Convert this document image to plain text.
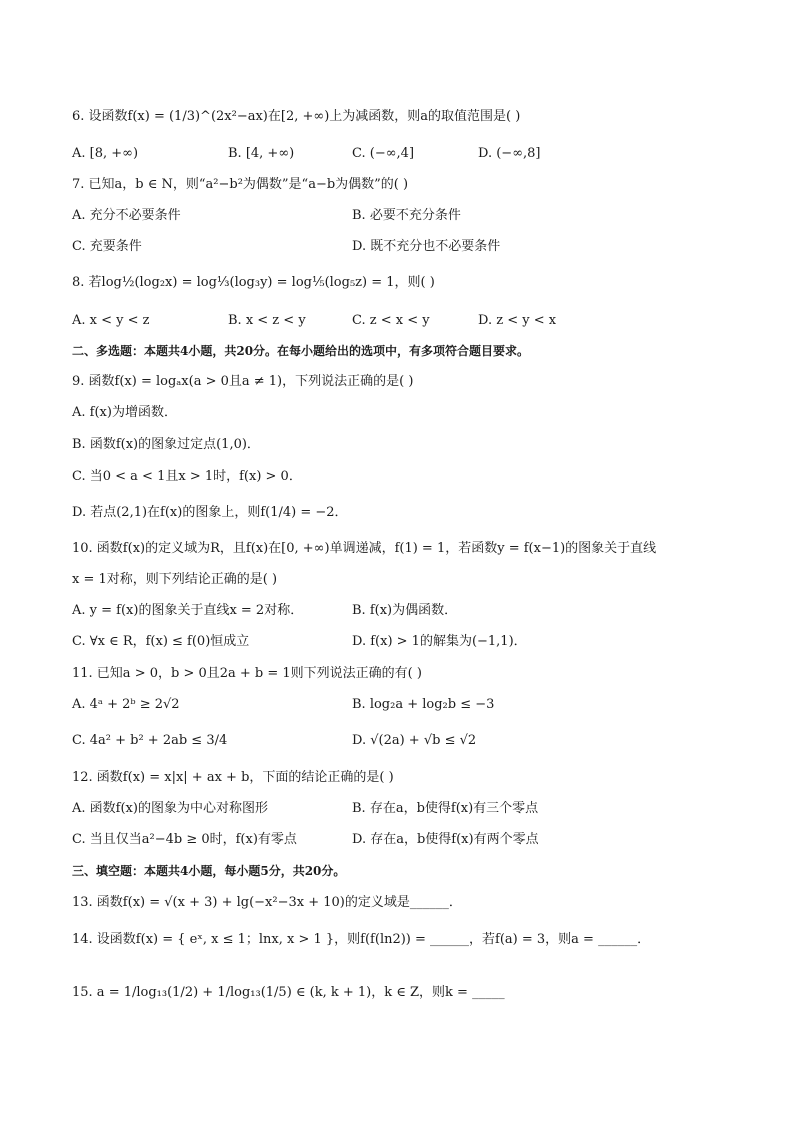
6. 设函数f(x) = (1/3)^(2x²−ax)在[2, +∞)上为减函数，则a的取值范围是( )
A. [8, +∞)	B. [4, +∞)	C. (−∞,4]	D. (−∞,8]
7. 已知a，b ∈ N，则“a²−b²为偶数”是“a−b为偶数”的( )
A. 充分不必要条件	B. 必要不充分条件
C. 充要条件	D. 既不充分也不必要条件
8. 若log½(log₂x) = log⅓(log₃y) = log⅕(log₅z) = 1，则( )
A. x < y < z	B. x < z < y	C. z < x < y	D. z < y < x
二、多选题：本题共4小题，共20分。在每小题给出的选项中，有多项符合题目要求。
9. 函数f(x) = logₐx(a > 0且a ≠ 1)，下列说法正确的是( )
A. f(x)为增函数．
B. 函数f(x)的图象过定点(1,0)．
C. 当0 < a < 1且x > 1时，f(x) > 0．
D. 若点(2,1)在f(x)的图象上，则f(1/4) = −2．
10. 函数f(x)的定义域为R，且f(x)在[0, +∞)单调递减，f(1) = 1，若函数y = f(x−1)的图象关于直线
x = 1对称，则下列结论正确的是( )
A. y = f(x)的图象关于直线x = 2对称．	B. f(x)为偶函数．
C. ∀x ∈ R，f(x) ≤ f(0)恒成立	D. f(x) > 1的解集为(−1,1)．
11. 已知a > 0，b > 0且2a + b = 1则下列说法正确的有( )
A. 4ᵃ + 2ᵇ ≥ 2√2	B. log₂a + log₂b ≤ −3
C. 4a² + b² + 2ab ≤ 3/4	D. √(2a) + √b ≤ √2
12. 函数f(x) = x|x| + ax + b，下面的结论正确的是( )
A. 函数f(x)的图象为中心对称图形	B. 存在a，b使得f(x)有三个零点
C. 当且仅当a²−4b ≥ 0时，f(x)有零点	D. 存在a，b使得f(x)有两个零点
三、填空题：本题共4小题，每小题5分，共20分。
13. 函数f(x) = √(x + 3) + lg(−x²−3x + 10)的定义域是______．
14. 设函数f(x) = { eˣ, x ≤ 1；lnx, x > 1 }，则f(f(ln2)) = ______，若f(a) = 3，则a = ______．
15. a = 1/log₁₃(1/2) + 1/log₁₃(1/5) ∈ (k, k + 1)，k ∈ Z，则k = _____
